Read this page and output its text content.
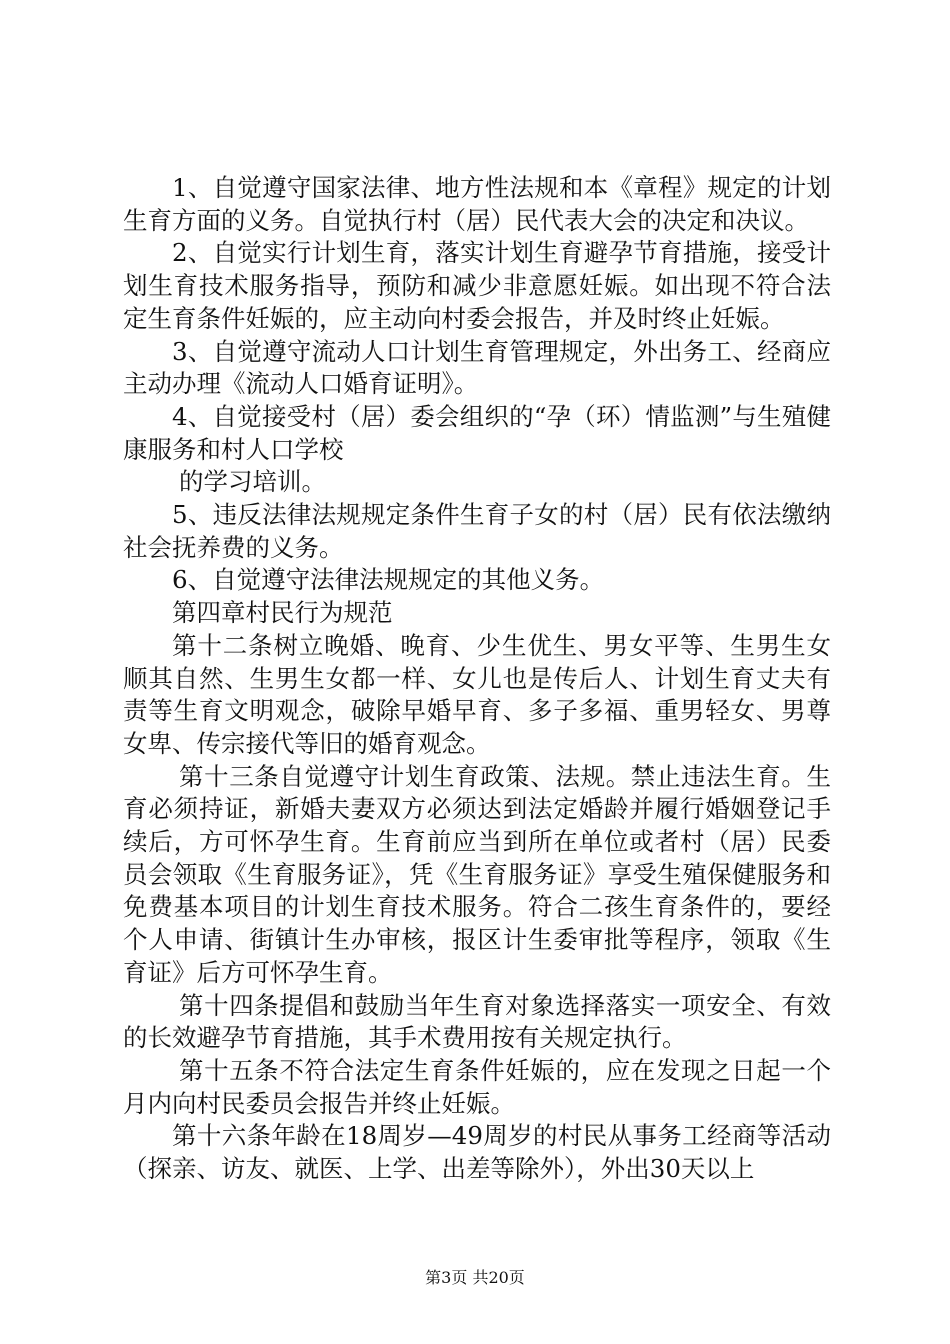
1、自觉遵守国家法律、地方性法规和本《章程》规定的计划生育方面的义务。自觉执行村（居）民代表大会的决定和决议。

2、自觉实行计划生育，落实计划生育避孕节育措施，接受计划生育技术服务指导，预防和减少非意愿妊娠。如出现不符合法定生育条件妊娠的，应主动向村委会报告，并及时终止妊娠。

3、自觉遵守流动人口计划生育管理规定，外出务工、经商应主动办理《流动人口婚育证明》。

4、自觉接受村（居）委会组织的“孕（环）情监测”与生殖健康服务和村人口学校

的学习培训。

5、违反法律法规规定条件生育子女的村（居）民有依法缴纳社会抚养费的义务。

6、自觉遵守法律法规规定的其他义务。

第四章村民行为规范

第十二条树立晚婚、晚育、少生优生、男女平等、生男生女顺其自然、生男生女都一样、女儿也是传后人、计划生育丈夫有责等生育文明观念，破除早婚早育、多子多福、重男轻女、男尊女卑、传宗接代等旧的婚育观念。

第十三条自觉遵守计划生育政策、法规。禁止违法生育。生育必须持证，新婚夫妻双方必须达到法定婚龄并履行婚姻登记手续后，方可怀孕生育。生育前应当到所在单位或者村（居）民委员会领取《生育服务证》，凭《生育服务证》享受生殖保健服务和免费基本项目的计划生育技术服务。符合二孩生育条件的，要经个人申请、街镇计生办审核，报区计生委审批等程序，领取《生育证》后方可怀孕生育。

第十四条提倡和鼓励当年生育对象选择落实一项安全、有效的长效避孕节育措施，其手术费用按有关规定执行。

第十五条不符合法定生育条件妊娠的，应在发现之日起一个月内向村民委员会报告并终止妊娠。

第十六条年龄在18周岁—49周岁的村民从事务工经商等活动（探亲、访友、就医、上学、出差等除外），外出30天以上

第3页 共20页
